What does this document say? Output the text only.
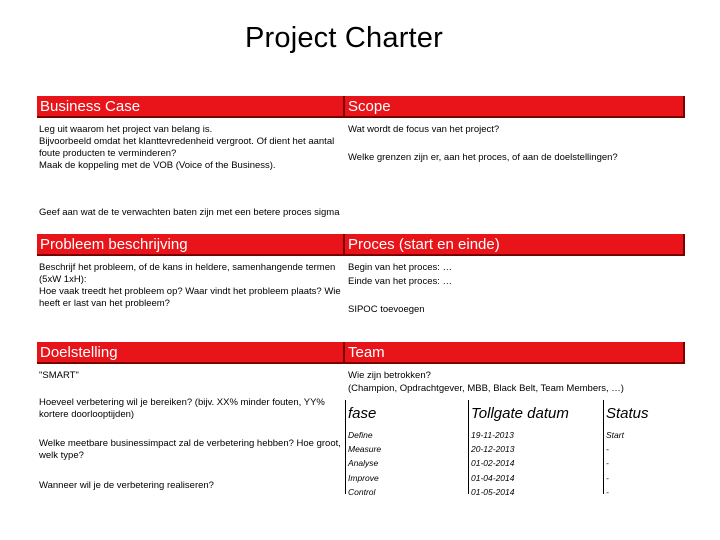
Project Charter
Business Case
Leg uit waarom het project van belang is.
Bijvoorbeeld omdat het klanttevredenheid vergroot. Of dient het aantal foute producten te verminderen?
Maak de koppeling met de VOB (Voice of the Business).
Geef aan wat de te verwachten baten zijn met een betere proces sigma
Scope
Wat wordt de focus van het project?
Welke grenzen zijn er, aan het proces, of aan de doelstellingen?
Probleem beschrijving
Beschrijf het probleem, of de kans in heldere, samenhangende termen (5xW 1xH):
Hoe vaak treedt het probleem op? Waar vindt het probleem plaats? Wie heeft er last van het probleem?
Proces (start en einde)
Begin van het proces: …
Einde van het proces: …
SIPOC toevoegen
Doelstelling
"SMART"
Hoeveel verbetering wil je bereiken? (bijv. XX% minder fouten, YY% kortere doorlooptijden)
Welke meetbare businessimpact zal de verbetering hebben? Hoe groot, welk type?
Wanneer wil je de verbetering realiseren?
Team
Wie zijn betrokken?
(Champion, Opdrachtgever, MBB, Black Belt, Team Members, …)
fase	Tollgate datum Status
Define
Measure
Analyse
Improve
Control
19-11-2013
20-12-2013
01-02-2014
01-04-2014
01-05-2014
Start
-
-
-
-
